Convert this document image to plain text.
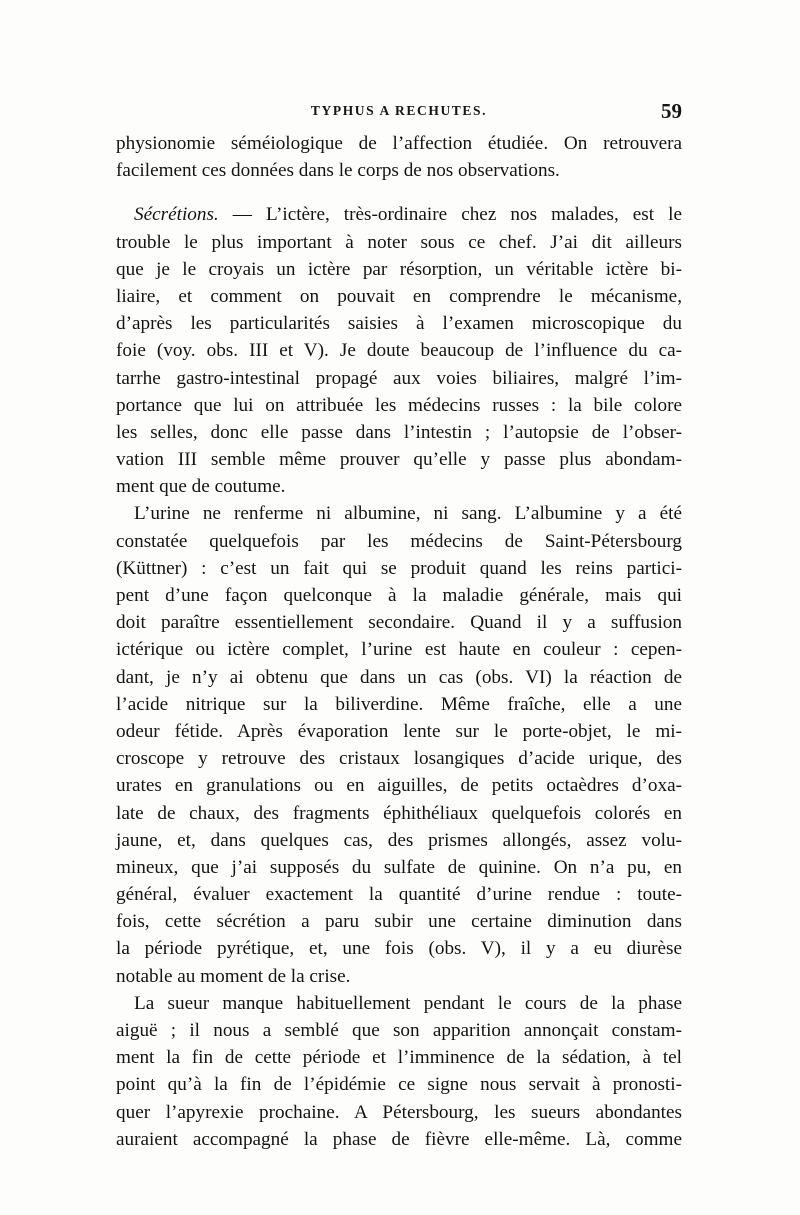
TYPHUS A RECHUTES.	59
physionomie séméiologique de l’affection étudiée. On retrouvera
facilement ces données dans le corps de nos observations.
Sécrétions. — L’ictère, très-ordinaire chez nos malades, est le
trouble le plus important à noter sous ce chef. J’ai dit ailleurs
que je le croyais un ictère par résorption, un véritable ictère bi-
liaire, et comment on pouvait en comprendre le mécanisme,
d’après les particularités saisies à l’examen microscopique du
foie (voy. obs. III et V). Je doute beaucoup de l’influence du ca-
tarrhe gastro-intestinal propagé aux voies biliaires, malgré l’im-
portance que lui on attribuée les médecins russes : la bile colore
les selles, donc elle passe dans l’intestin ; l’autopsie de l’obser-
vation III semble même prouver qu’elle y passe plus abondam-
ment que de coutume.
L’urine ne renferme ni albumine, ni sang. L’albumine y a été
constatée quelquefois par les médecins de Saint-Pétersbourg
(Küttner) : c’est un fait qui se produit quand les reins partici-
pent d’une façon quelconque à la maladie générale, mais qui
doit paraître essentiellement secondaire. Quand il y a suffusion
ictérique ou ictère complet, l’urine est haute en couleur : cepen-
dant, je n’y ai obtenu que dans un cas (obs. VI) la réaction de
l’acide nitrique sur la biliverdine. Même fraîche, elle a une
odeur fétide. Après évaporation lente sur le porte-objet, le mi-
croscope y retrouve des cristaux losangiques d’acide urique, des
urates en granulations ou en aiguilles, de petits octaèdres d’oxa-
late de chaux, des fragments éphithéliaux quelquefois colorés en
jaune, et, dans quelques cas, des prismes allongés, assez volu-
mineux, que j’ai supposés du sulfate de quinine. On n’a pu, en
général, évaluer exactement la quantité d’urine rendue : toute-
fois, cette sécrétion a paru subir une certaine diminution dans
la période pyrétique, et, une fois (obs. V), il y a eu diurèse
notable au moment de la crise.
La sueur manque habituellement pendant le cours de la phase
aiguë ; il nous a semblé que son apparition annonçait constam-
ment la fin de cette période et l’imminence de la sédation, à tel
point qu’à la fin de l’épidémie ce signe nous servait à pronosti-
quer l’apyrexie prochaine. A Pétersbourg, les sueurs abondantes
auraient accompagné la phase de fièvre elle-même. Là, comme
